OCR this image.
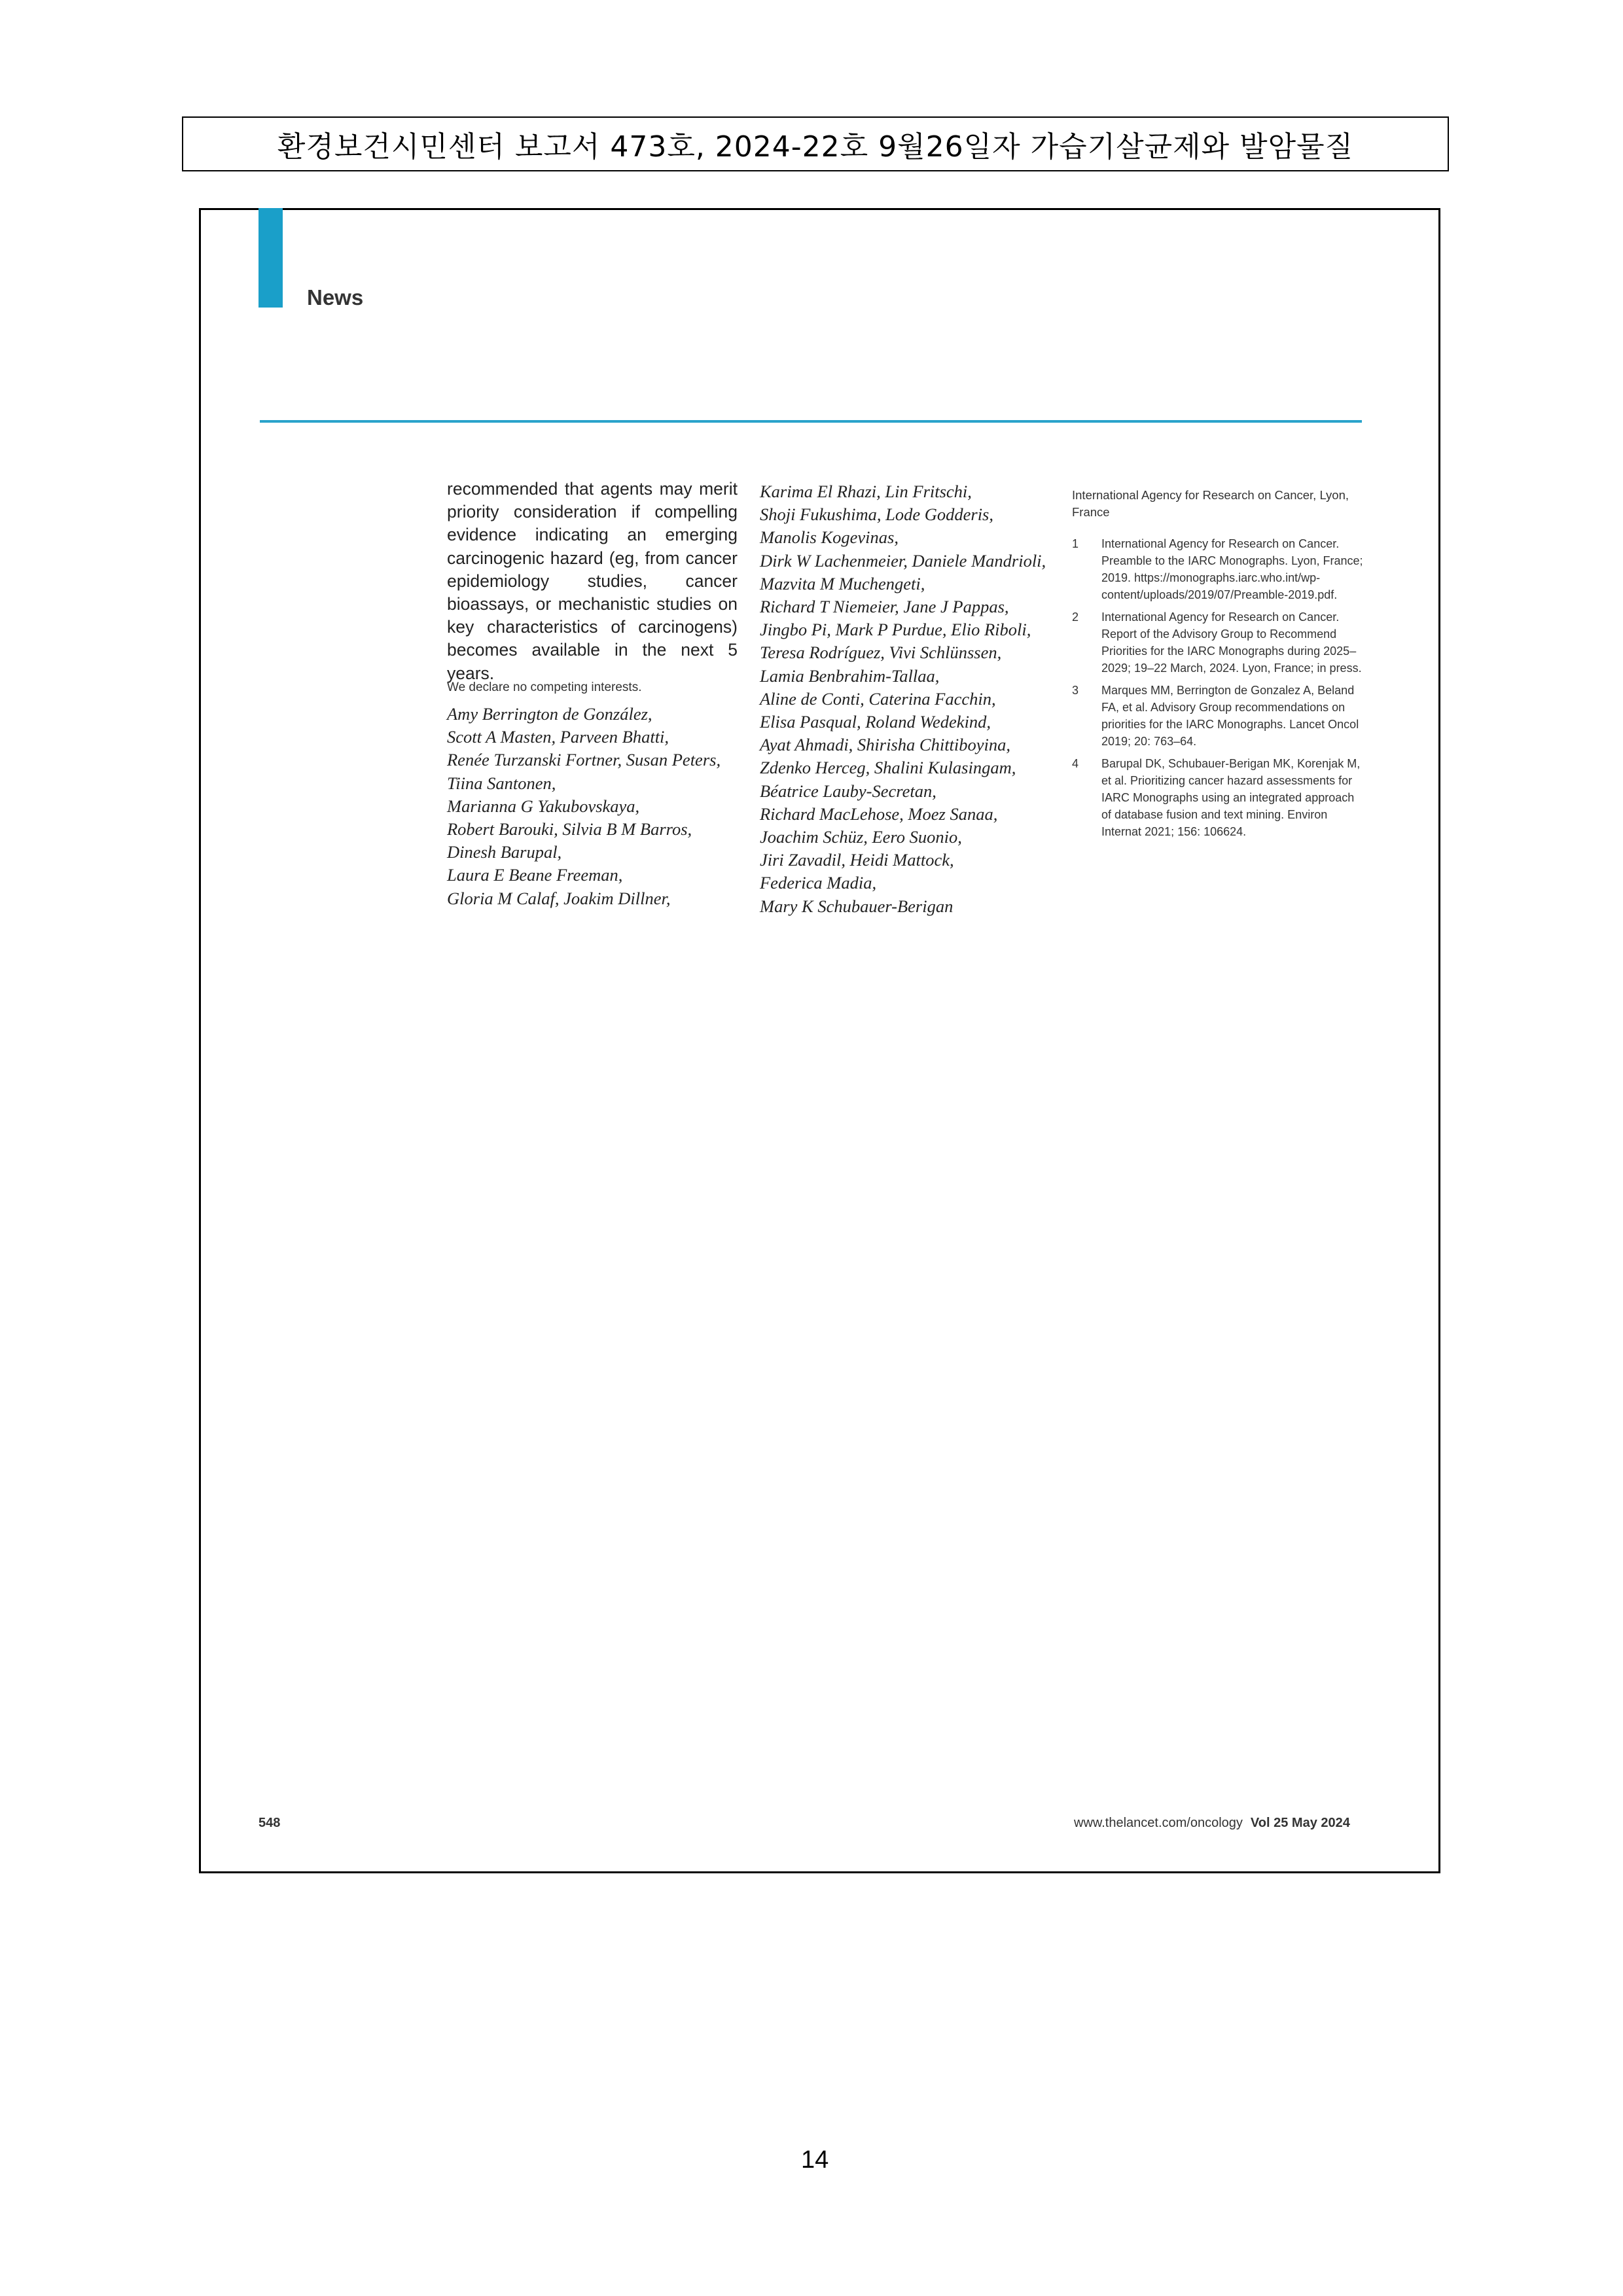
환경보건시민센터 보고서 473호, 2024-22호 9월26일자 가습기살균제와 발암물질
News
recommended that agents may merit priority consideration if compelling evidence indicating an emerging carcinogenic hazard (eg, from cancer epidemiology studies, cancer bioassays, or mechanistic studies on key characteristics of carcinogens) becomes available in the next 5 years.
We declare no competing interests.
Amy Berrington de González,
Scott A Masten, Parveen Bhatti,
Renée Turzanski Fortner, Susan Peters,
Tiina Santonen,
Marianna G Yakubovskaya,
Robert Barouki, Silvia B M Barros,
Dinesh Barupal,
Laura E Beane Freeman,
Gloria M Calaf, Joakim Dillner,
Karima El Rhazi, Lin Fritschi,
Shoji Fukushima, Lode Godderis,
Manolis Kogevinas,
Dirk W Lachenmeier, Daniele Mandrioli,
Mazvita M Muchengeti,
Richard T Niemeier, Jane J Pappas,
Jingbo Pi, Mark P Purdue, Elio Riboli,
Teresa Rodríguez, Vivi Schlünssen,
Lamia Benbrahim-Tallaa,
Aline de Conti, Caterina Facchin,
Elisa Pasqual, Roland Wedekind,
Ayat Ahmadi, Shirisha Chittiboyina,
Zdenko Herceg, Shalini Kulasingam,
Béatrice Lauby-Secretan,
Richard MacLehose, Moez Sanaa,
Joachim Schüz, Eero Suonio,
Jiri Zavadil, Heidi Mattock,
Federica Madia,
Mary K Schubauer-Berigan
International Agency for Research on Cancer, Lyon, France
1	International Agency for Research on Cancer. Preamble to the IARC Monographs. Lyon, France; 2019. https://monographs.iarc.who.int/wp-content/uploads/2019/07/Preamble-2019.pdf.
2	International Agency for Research on Cancer. Report of the Advisory Group to Recommend Priorities for the IARC Monographs during 2025–2029; 19–22 March, 2024. Lyon, France; in press.
3	Marques MM, Berrington de Gonzalez A, Beland FA, et al. Advisory Group recommendations on priorities for the IARC Monographs. Lancet Oncol 2019; 20: 763–64.
4	Barupal DK, Schubauer-Berigan MK, Korenjak M, et al. Prioritizing cancer hazard assessments for IARC Monographs using an integrated approach of database fusion and text mining. Environ Internat 2021; 156: 106624.
548	www.thelancet.com/oncology Vol 25 May 2024
14
